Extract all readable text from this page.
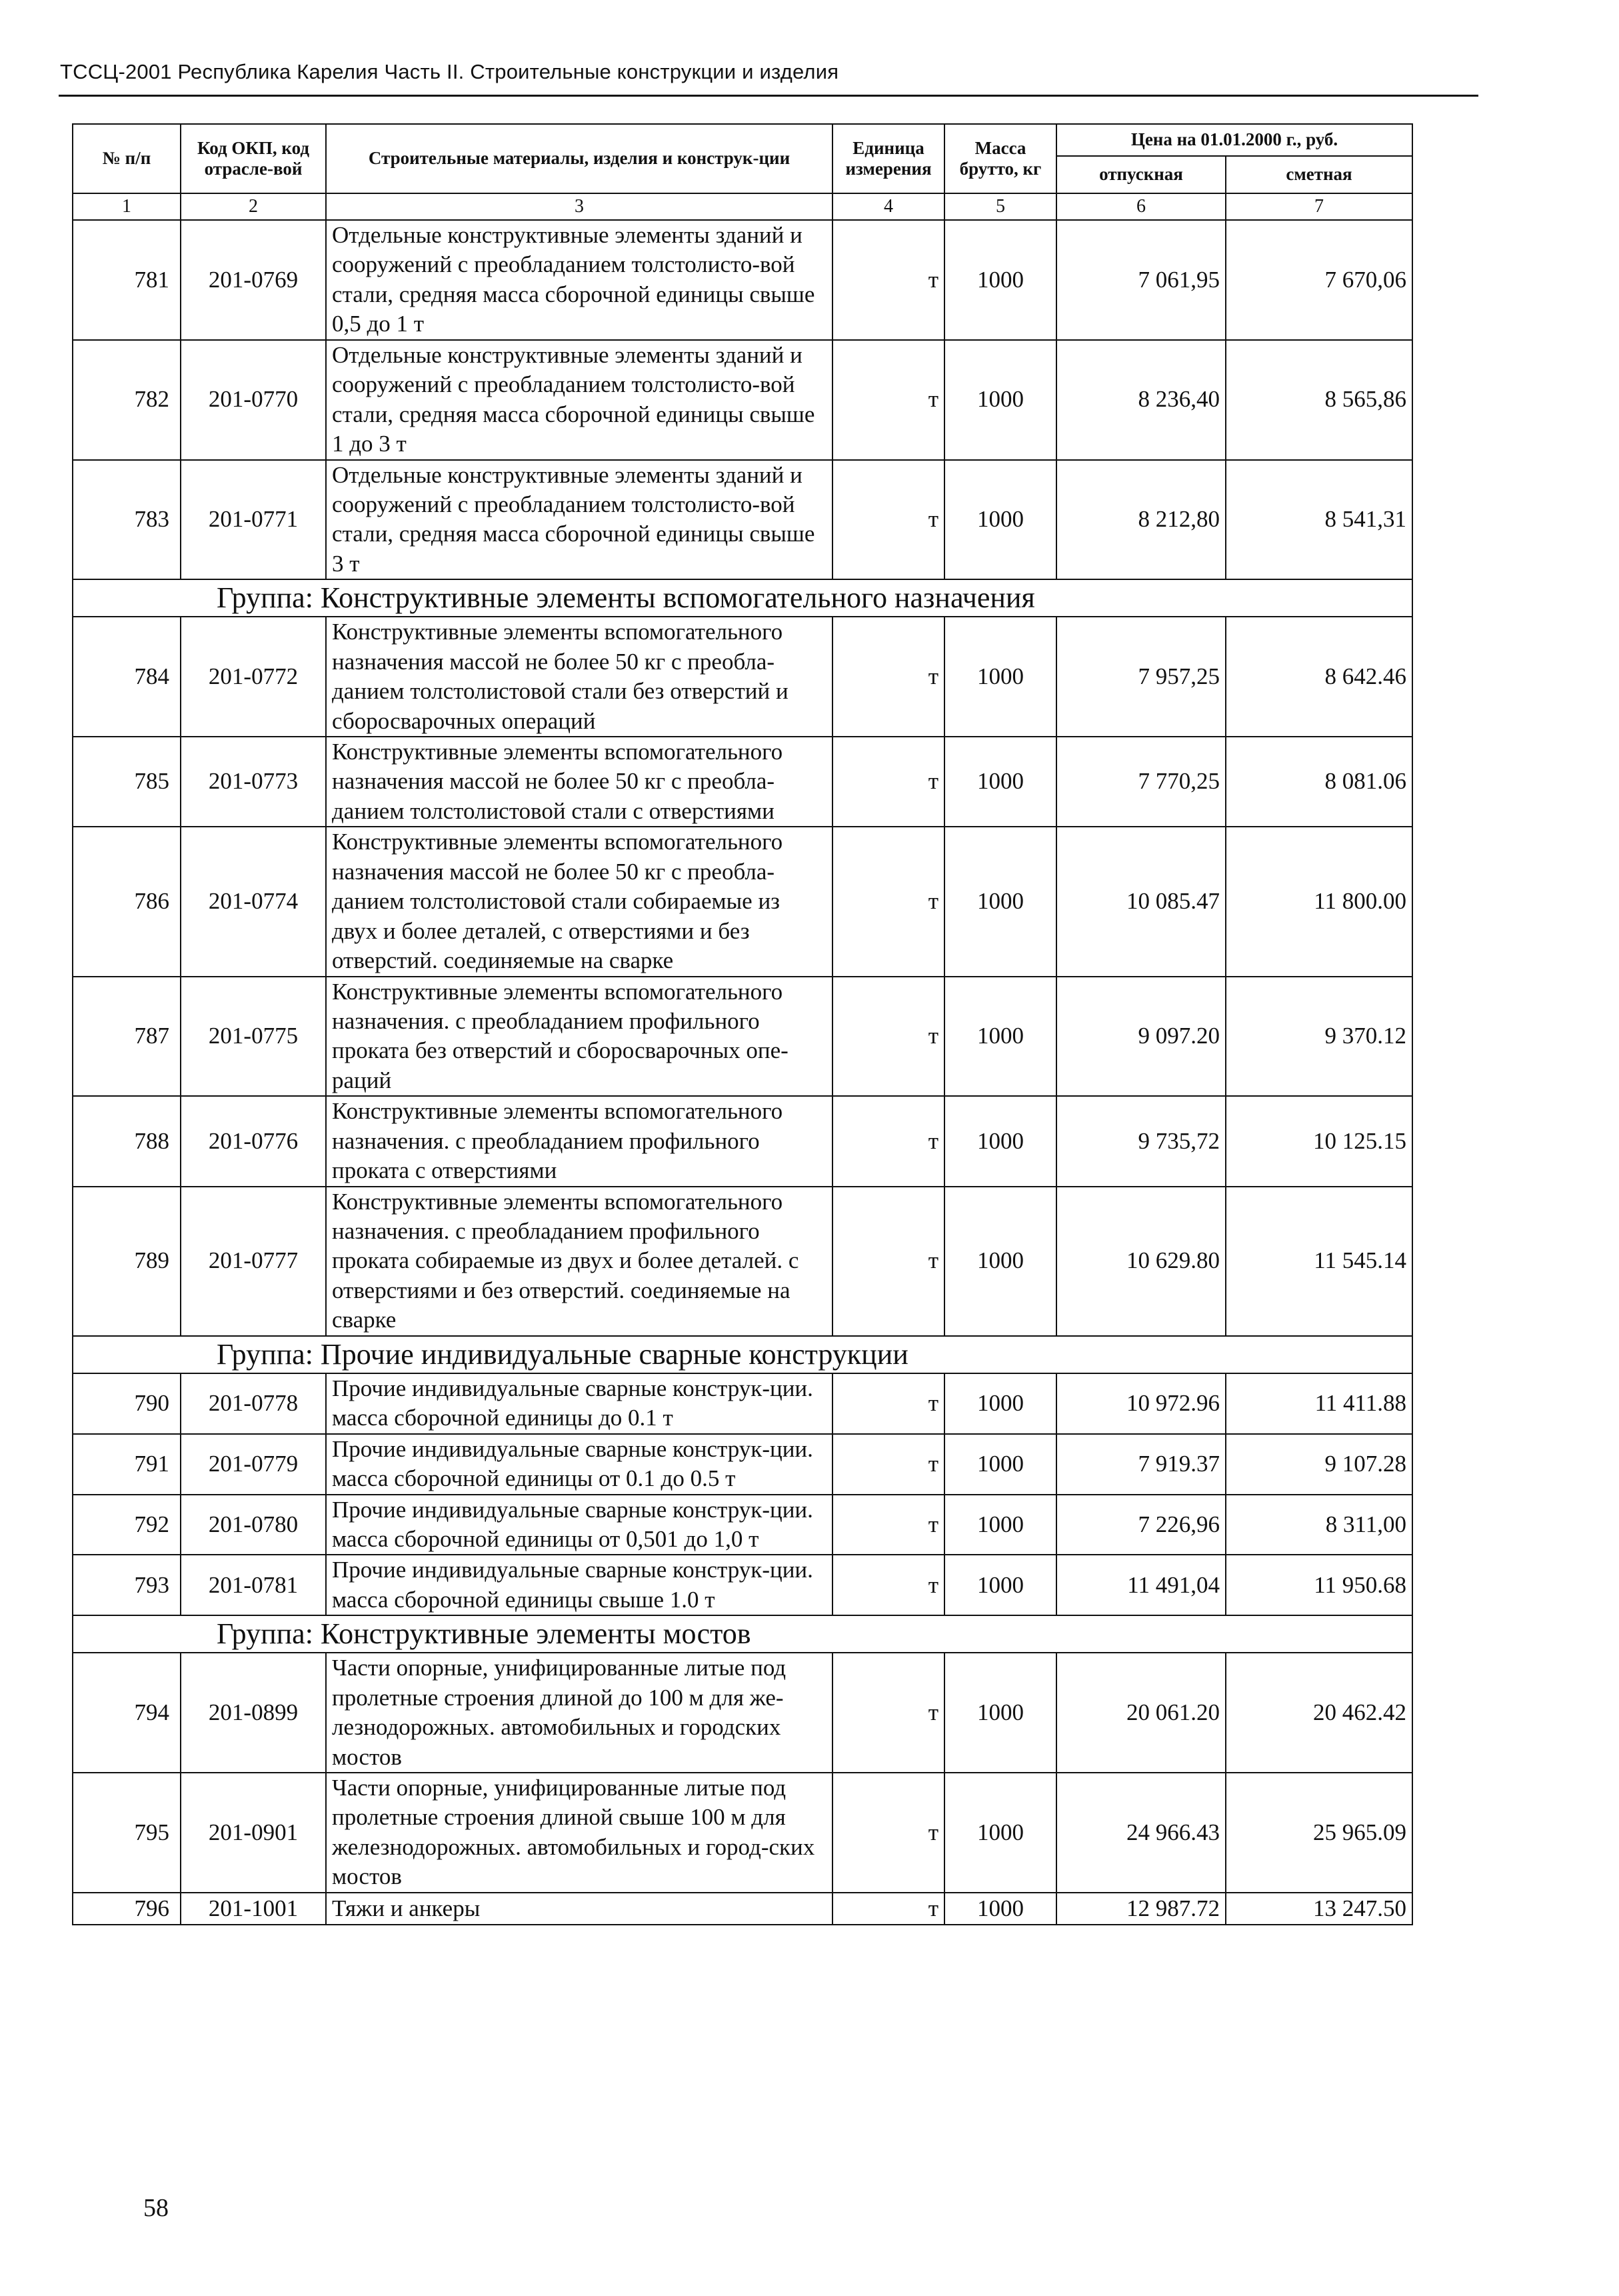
ТССЦ-2001 Республика Карелия Часть II. Строительные конструкции и изделия
№ п/п	Код ОКП, код отрасле-вой	Строительные материалы, изделия и конструк-ции	Единица измерения	Масса брутто, кг	Цена на 01.01.2000 г., руб.	
					отпускная	сметная
1	2	3	4	5	6	7
781	201-0769	Отдельные конструктивные элементы зданий и сооружений с преобладанием толстолисто-вой стали, средняя масса сборочной единицы свыше 0,5 до 1 т	т	1000	7 061,95	7 670,06
782	201-0770	Отдельные конструктивные элементы зданий и сооружений с преобладанием толстолисто-вой стали, средняя масса сборочной единицы свыше 1 до 3 т	т	1000	8 236,40	8 565,86
783	201-0771	Отдельные конструктивные элементы зданий и сооружений с преобладанием толстолисто-вой стали, средняя масса сборочной единицы свыше 3 т	т	1000	8 212,80	8 541,31
Группа: Конструктивные элементы вспомогательного назначения						
784	201-0772	Конструктивные элементы вспомогательного назначения массой не более 50 кг с преобла-данием толстолистовой стали без отверстий и сборосварочных операций	т	1000	7 957,25	8 642.46
785	201-0773	Конструктивные элементы вспомогательного назначения массой не более 50 кг с преобла-данием толстолистовой стали с отверстиями	т	1000	7 770,25	8 081.06
786	201-0774	Конструктивные элементы вспомогательного назначения массой не более 50 кг с преобла-данием толстолистовой стали собираемые из двух и более деталей, с отверстиями и без отверстий. соединяемые на сварке	т	1000	10 085.47	11 800.00
787	201-0775	Конструктивные элементы вспомогательного назначения. с преобладанием профильного проката без отверстий и сборосварочных опе-раций	т	1000	9 097.20	9 370.12
788	201-0776	Конструктивные элементы вспомогательного назначения. с преобладанием профильного проката с отверстиями	т	1000	9 735,72	10 125.15
789	201-0777	Конструктивные элементы вспомогательного назначения. с преобладанием профильного проката собираемые из двух и более деталей. с отверстиями и без отверстий. соединяемые на сварке	т	1000	10 629.80	11 545.14
Группа: Прочие индивидуальные сварные конструкции						
790	201-0778	Прочие индивидуальные сварные конструк-ции. масса сборочной единицы до 0.1 т	т	1000	10 972.96	11 411.88
791	201-0779	Прочие индивидуальные сварные конструк-ции. масса сборочной единицы от 0.1 до 0.5 т	т	1000	7 919.37	9 107.28
792	201-0780	Прочие индивидуальные сварные конструк-ции. масса сборочной единицы от 0,501 до 1,0 т	т	1000	7 226,96	8 311,00
793	201-0781	Прочие индивидуальные сварные конструк-ции. масса сборочной единицы свыше 1.0 т	т	1000	11 491,04	11 950.68
Группа: Конструктивные элементы мостов						
794	201-0899	Части опорные, унифицированные литые под пролетные строения длиной до 100 м для же-лезнодорожных. автомобильных и городских мостов	т	1000	20 061.20	20 462.42
795	201-0901	Части опорные, унифицированные литые под пролетные строения длиной свыше 100 м для железнодорожных. автомобильных и город-ских мостов	т	1000	24 966.43	25 965.09
796	201-1001	Тяжи и анкеры	т	1000	12 987.72	13 247.50
58
